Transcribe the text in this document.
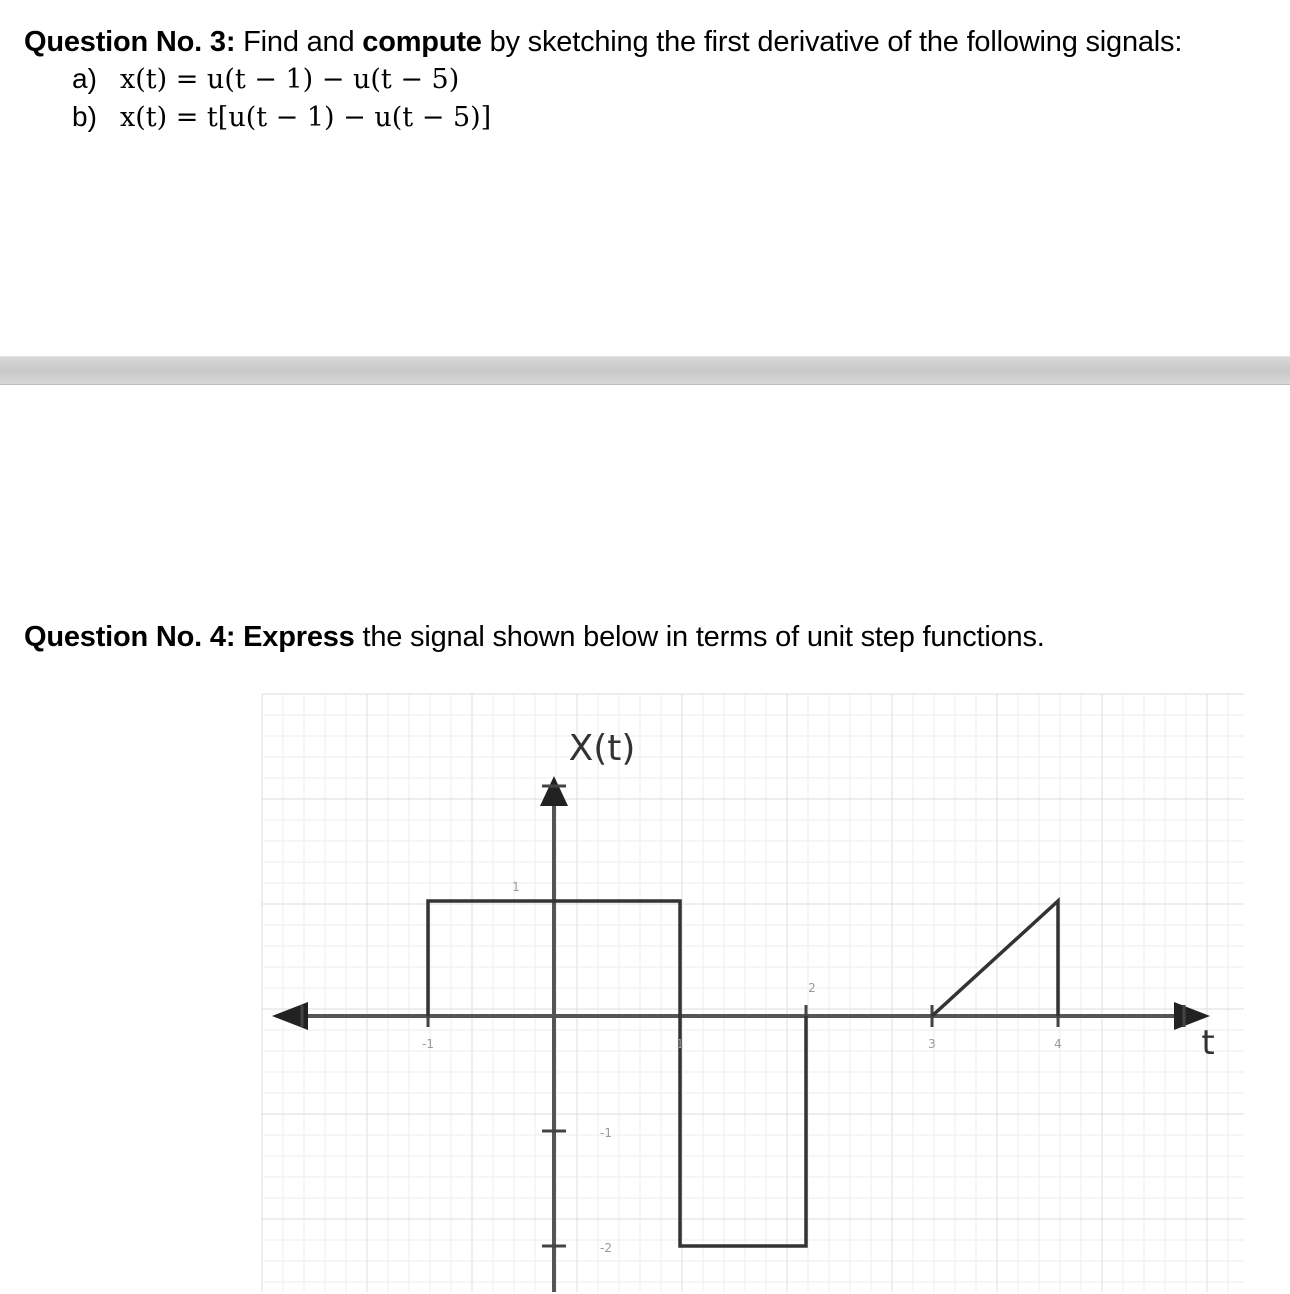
Question No. 3: Find and compute by sketching the first derivative of the following signals:
a) x(t) = u(t − 1) − u(t − 5)
b) x(t) = t[u(t − 1) − u(t − 5)]
Question No. 4: Express the signal shown below in terms of unit step functions.
X(t)
t
-1	1	3	4
1
2
-1
-2
